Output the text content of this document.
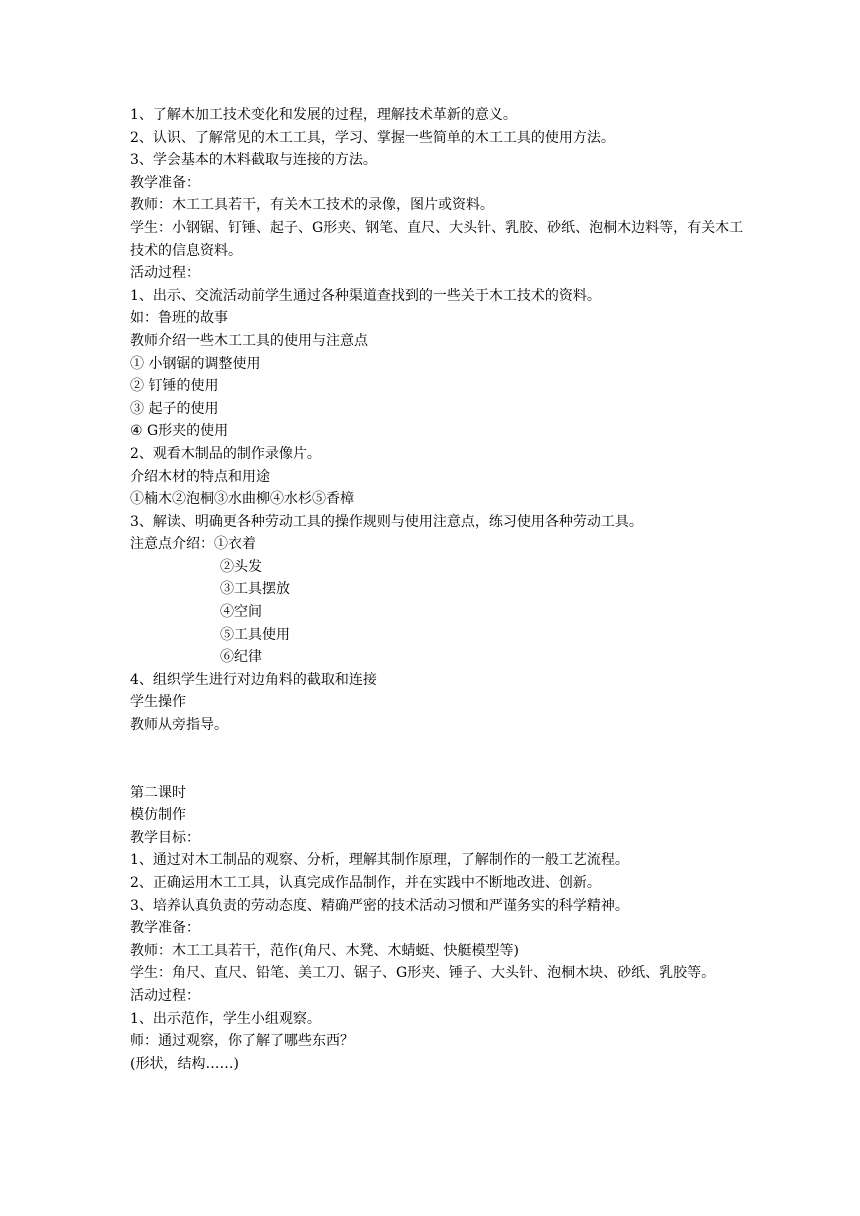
1、了解木加工技术变化和发展的过程，理解技术革新的意义。
2、认识、了解常见的木工工具，学习、掌握一些简单的木工工具的使用方法。
3、学会基本的木料截取与连接的方法。
教学准备：
教师：木工工具若干，有关木工技术的录像，图片或资料。
学生：小钢锯、钉锤、起子、G形夹、钢笔、直尺、大头针、乳胶、砂纸、泡桐木边料等，有关木工技术的信息资料。
活动过程：
1、出示、交流活动前学生通过各种渠道查找到的一些关于木工技术的资料。
如：鲁班的故事
教师介绍一些木工工具的使用与注意点
① 小钢锯的调整使用
② 钉锤的使用
③ 起子的使用
④ G形夹的使用
2、观看木制品的制作录像片。
介绍木材的特点和用途
①楠木②泡桐③水曲柳④水杉⑤香樟
3、解读、明确更各种劳动工具的操作规则与使用注意点，练习使用各种劳动工具。
注意点介绍：①衣着
②头发
③工具摆放
④空间
⑤工具使用
⑥纪律
4、组织学生进行对边角料的截取和连接
学生操作
教师从旁指导。
第二课时
模仿制作
教学目标：
1、通过对木工制品的观察、分析，理解其制作原理，了解制作的一般工艺流程。
2、正确运用木工工具，认真完成作品制作，并在实践中不断地改进、创新。
3、培养认真负责的劳动态度、精确严密的技术活动习惯和严谨务实的科学精神。
教学准备：
教师：木工工具若干，范作(角尺、木凳、木蜻蜓、快艇模型等)
学生：角尺、直尺、铅笔、美工刀、锯子、G形夹、锤子、大头针、泡桐木块、砂纸、乳胶等。
活动过程：
1、出示范作，学生小组观察。
师：通过观察，你了解了哪些东西？
(形状，结构……)
